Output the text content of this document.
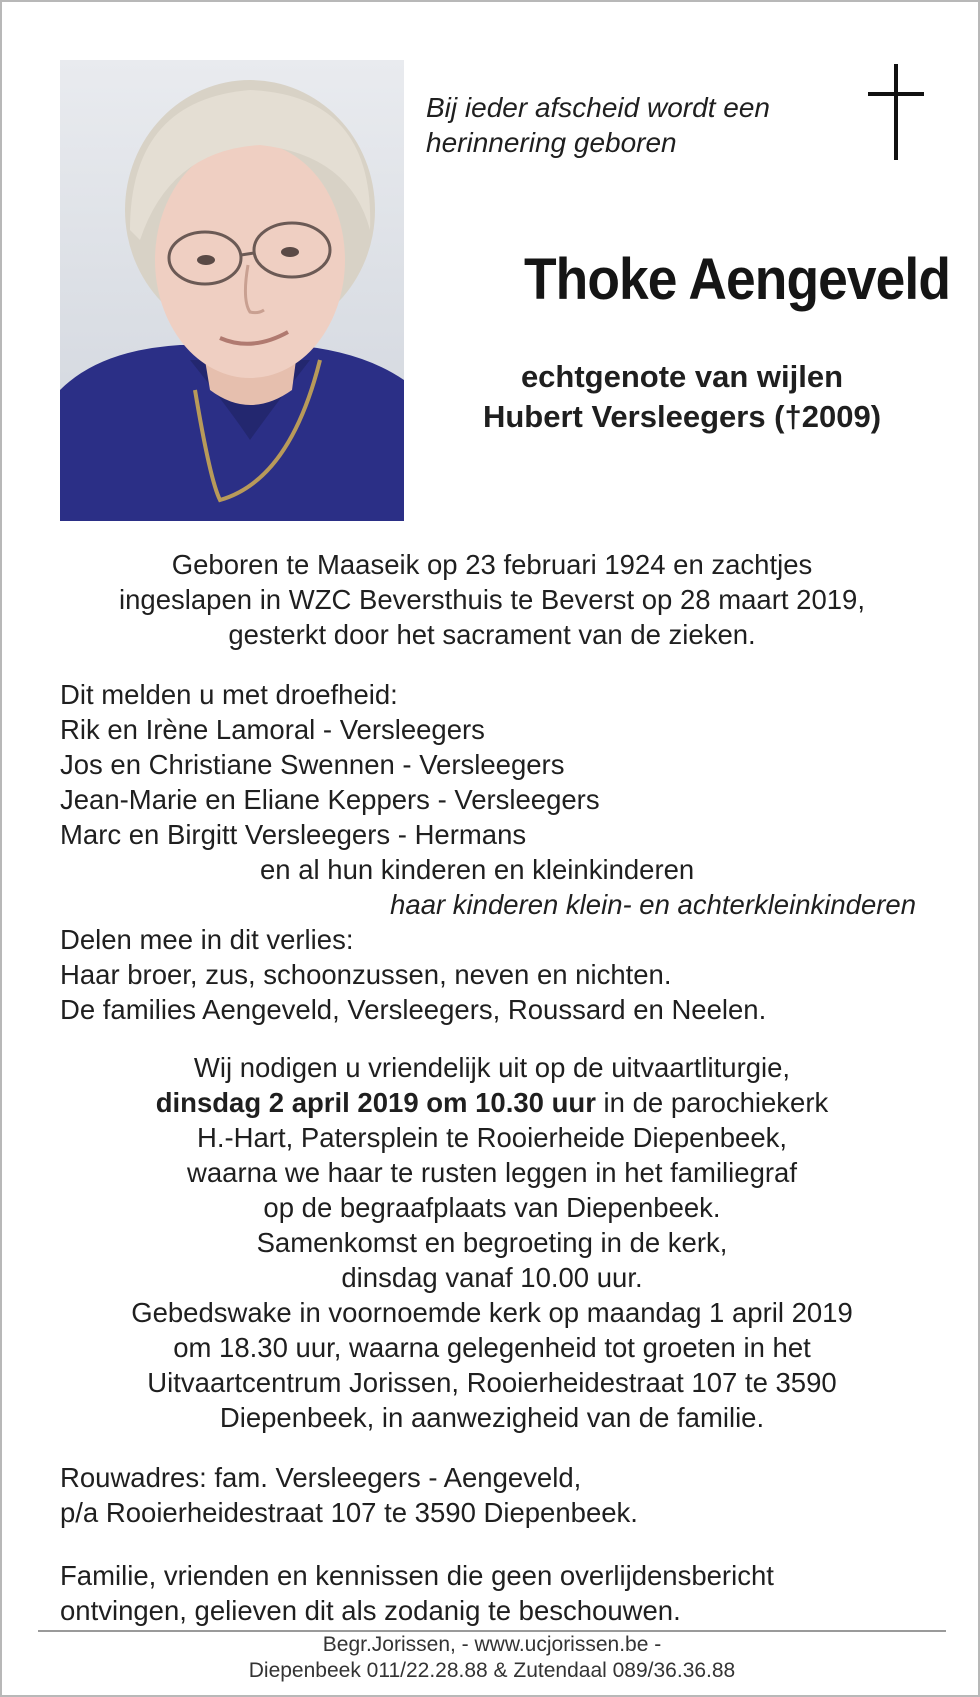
Bij ieder afscheid wordt een
herinnering geboren

Thoke Aengeveld

echtgenote van wijlen
Hubert Versleegers (†2009)

Geboren te Maaseik op 23 februari 1924 en zachtjes
ingeslapen in WZC Beversthuis te Beverst op 28 maart 2019,
gesterkt door het sacrament van de zieken.

Dit melden u met droefheid:
Rik en Irène Lamoral - Versleegers
Jos en Christiane Swennen - Versleegers
Jean-Marie en Eliane Keppers - Versleegers
Marc en Birgitt Versleegers - Hermans
en al hun kinderen en kleinkinderen
haar kinderen klein- en achterkleinkinderen
Delen mee in dit verlies:
Haar broer, zus, schoonzussen, neven en nichten.
De families Aengeveld, Versleegers, Roussard en Neelen.
Wij nodigen u vriendelijk uit op de uitvaartliturgie,
dinsdag 2 april 2019 om 10.30 uur in de parochiekerk
H.-Hart, Patersplein te Rooierheide Diepenbeek,
waarna we haar te rusten leggen in het familiegraf
op de begraafplaats van Diepenbeek.
Samenkomst en begroeting in de kerk,
dinsdag vanaf 10.00 uur.
Gebedswake in voornoemde kerk op maandag 1 april 2019
om 18.30 uur, waarna gelegenheid tot groeten in het
Uitvaartcentrum Jorissen, Rooierheidestraat 107 te 3590
Diepenbeek, in aanwezigheid van de familie.
Rouwadres: fam. Versleegers - Aengeveld,
p/a Rooierheidestraat 107 te 3590 Diepenbeek.
Familie, vrienden en kennissen die geen overlijdensbericht
ontvingen, gelieven dit als zodanig te beschouwen.
Begr.Jorissen, - www.ucjorissen.be -
Diepenbeek 011/22.28.88 & Zutendaal 089/36.36.88
